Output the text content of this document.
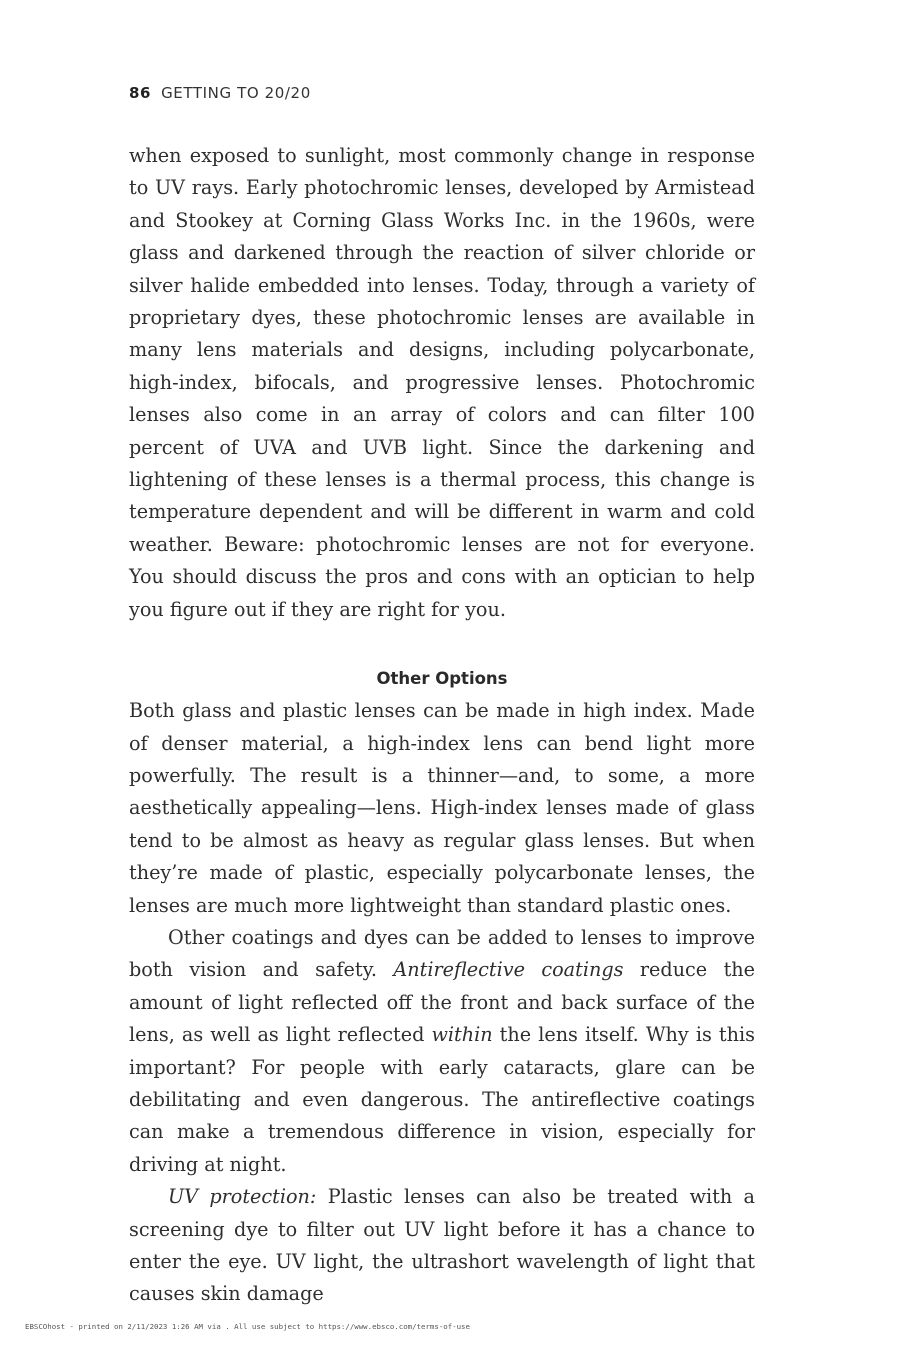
86 GETTING TO 20/20

when exposed to sunlight, most commonly change in response to UV rays. Early photochromic lenses, developed by Armistead and Stookey at Corning Glass Works Inc. in the 1960s, were glass and darkened through the reaction of silver chloride or silver halide embedded into lenses. Today, through a variety of proprietary dyes, these photochromic lenses are available in many lens materials and designs, including polycarbonate, high-index, bifocals, and progressive lenses. Photochromic lenses also come in an array of colors and can filter 100 percent of UVA and UVB light. Since the darkening and lightening of these lenses is a thermal process, this change is temperature dependent and will be different in warm and cold weather. Beware: photochromic lenses are not for everyone. You should discuss the pros and cons with an optician to help you figure out if they are right for you.

Other Options

Both glass and plastic lenses can be made in high index. Made of denser material, a high-index lens can bend light more powerfully. The result is a thinner—and, to some, a more aesthetically appealing—lens. High-index lenses made of glass tend to be almost as heavy as regular glass lenses. But when they’re made of plastic, especially polycarbonate lenses, the lenses are much more lightweight than standard plastic ones.

Other coatings and dyes can be added to lenses to improve both vision and safety. Antireflective coatings reduce the amount of light reflected off the front and back surface of the lens, as well as light reflected within the lens itself. Why is this important? For people with early cataracts, glare can be debilitating and even dangerous. The antireflective coatings can make a tremendous difference in vision, especially for driving at night.

UV protection: Plastic lenses can also be treated with a screening dye to filter out UV light before it has a chance to enter the eye. UV light, the ultrashort wavelength of light that causes skin damage

EBSCOhost - printed on 2/11/2023 1:26 AM via . All use subject to https://www.ebsco.com/terms-of-use
